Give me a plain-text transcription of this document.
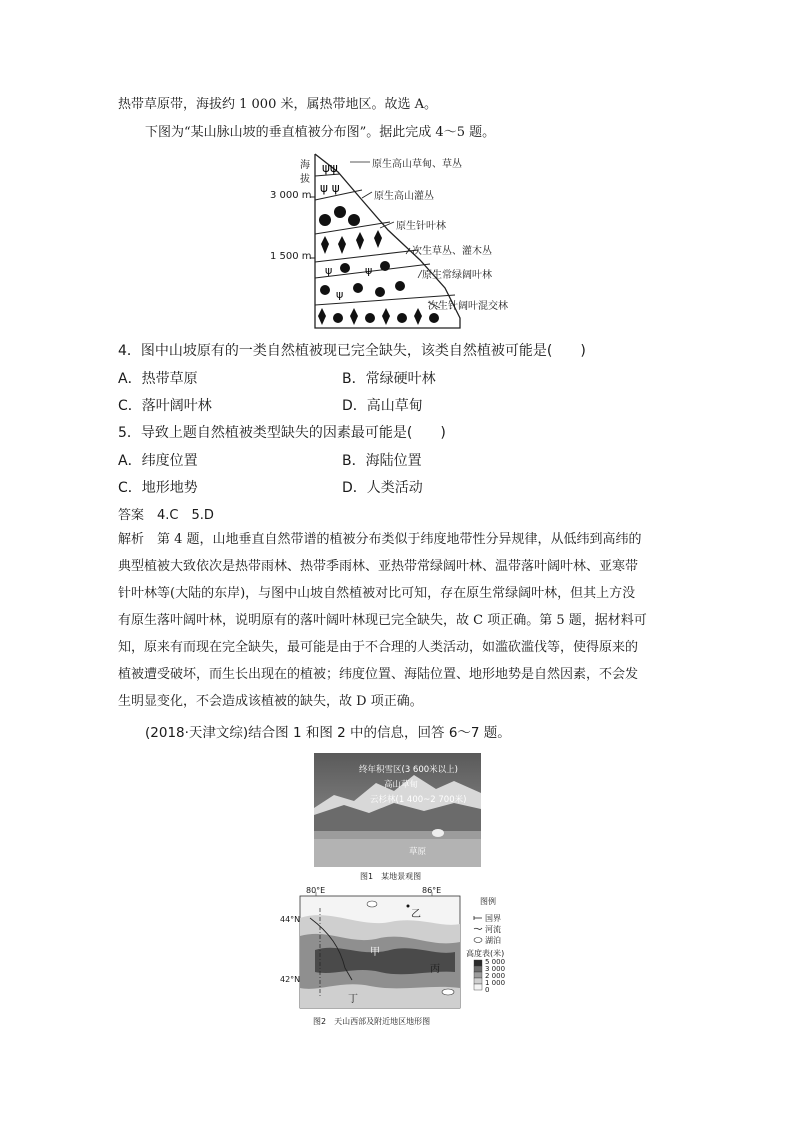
热带草原带，海拔约 1 000 米，属热带地区。故选 A。
下图为“某山脉山坡的垂直植被分布图”。据此完成 4～5 题。
ψψ
ψ ψ
ψ	ψ
ψ
海
拔
3 000 m
1 500 m
原生高山草甸、草丛
原生高山灌丛
原生针叶林
次生草丛、灌木丛
原生常绿阔叶林
次生针阔叶混交林
4．图中山坡原有的一类自然植被现已完全缺失，该类自然植被可能是(　　)
A．热带草原	B．常绿硬叶林
C．落叶阔叶林	D．高山草甸
5．导致上题自然植被类型缺失的因素最可能是(　　)
A．纬度位置	B．海陆位置
C．地形地势	D．人类活动
答案　4.C　5.D
解析　第 4 题，山地垂直自然带谱的植被分布类似于纬度地带性分异规律，从低纬到高纬的
典型植被大致依次是热带雨林、热带季雨林、亚热带常绿阔叶林、温带落叶阔叶林、亚寒带
针叶林等(大陆的东岸)，与图中山坡自然植被对比可知，存在原生常绿阔叶林，但其上方没
有原生落叶阔叶林，说明原有的落叶阔叶林现已完全缺失，故 C 项正确。第 5 题，据材料可
知，原来有而现在完全缺失，最可能是由于不合理的人类活动，如滥砍滥伐等，使得原来的
植被遭受破坏，而生长出现在的植被；纬度位置、海陆位置、地形地势是自然因素，不会发
生明显变化，不会造成该植被的缺失，故 D 项正确。
(2018·天津文综)结合图 1 和图 2 中的信息，回答 6～7 题。
终年积雪区(3 600米以上)
高山草甸
云杉林(1 400~2 700米)
草原
图1　某地景观图
80°E	86°E
44°N
42°N
甲
乙
丙
丁
图例
国界
河流
湖泊
高度表(米)
5 000
3 000
2 000
1 000
0
图2　天山西部及附近地区地形图
